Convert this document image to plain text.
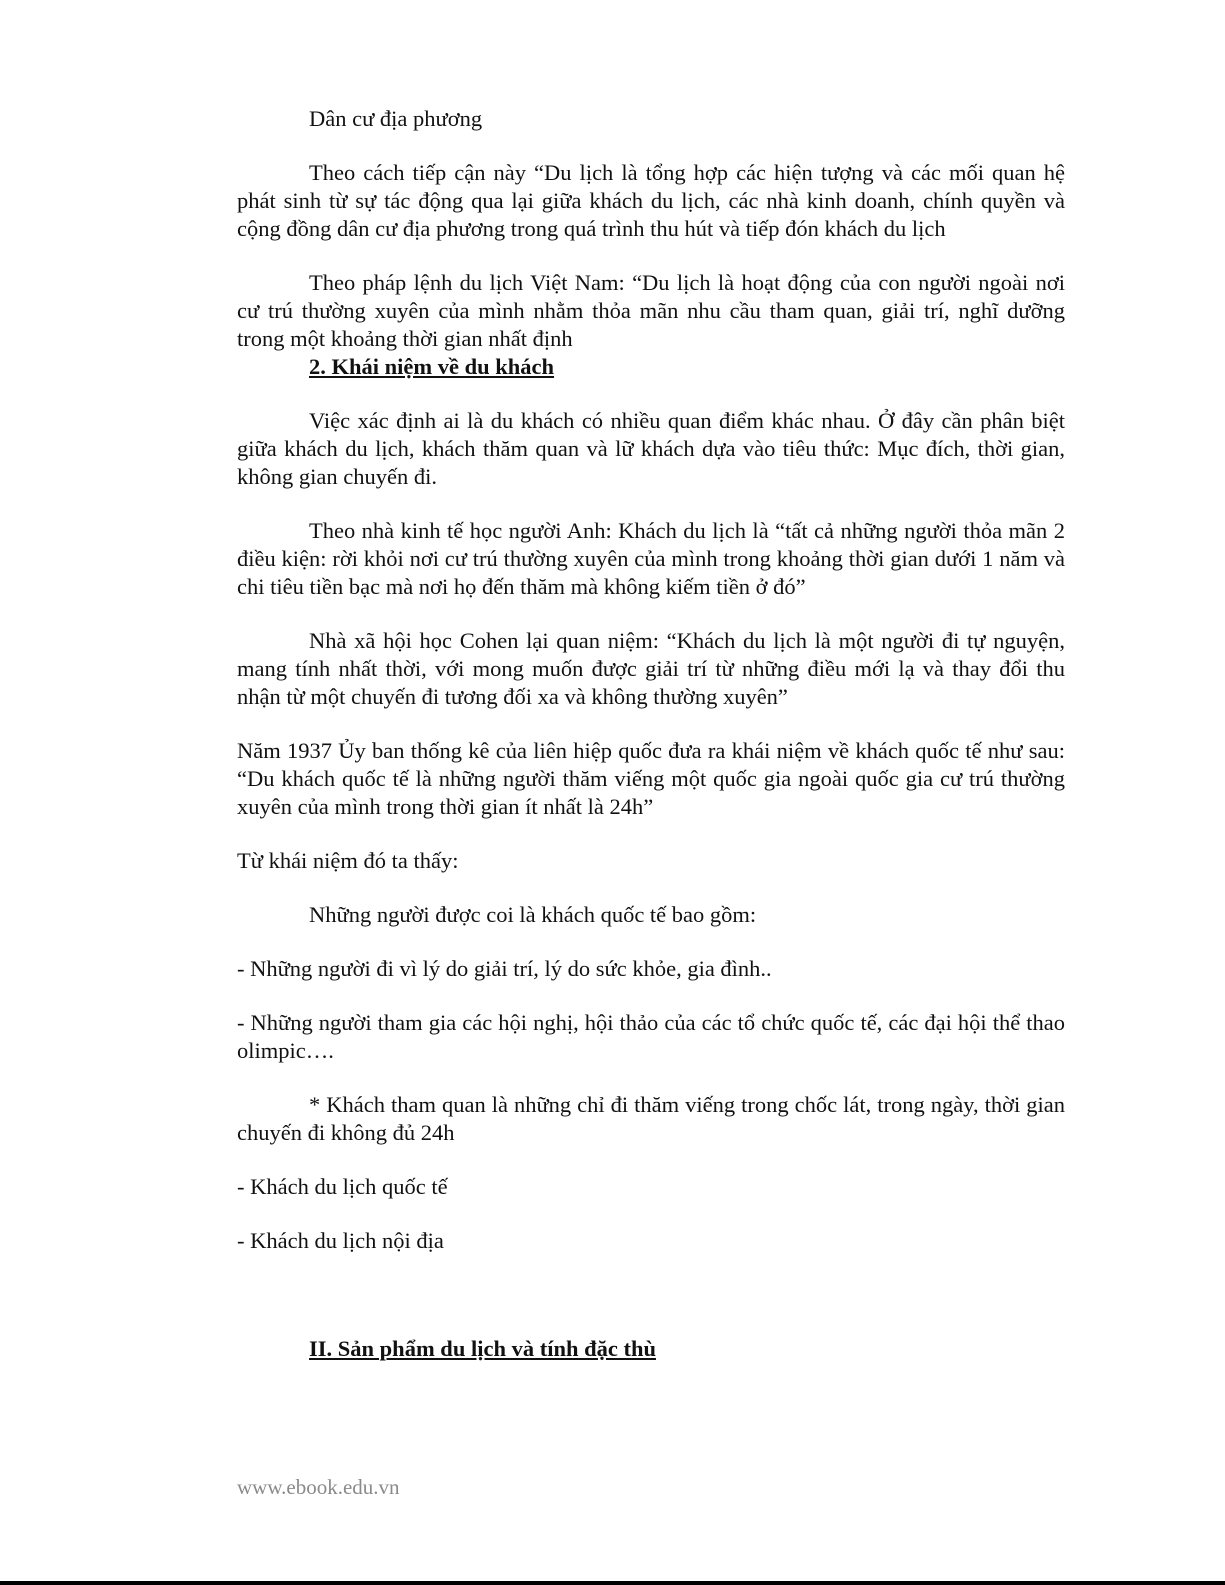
Dân cư địa phương

Theo cách tiếp cận này “Du lịch là tổng hợp các hiện tượng và các mối quan hệ phát sinh từ sự tác động qua lại giữa khách du lịch, các nhà kinh doanh, chính quyền và cộng đồng dân cư địa phương trong quá trình thu hút và tiếp đón khách du lịch

Theo pháp lệnh du lịch Việt Nam: “Du lịch là hoạt động của con người ngoài nơi cư trú thường xuyên của mình nhằm thỏa mãn nhu cầu tham quan, giải trí, nghĩ dưỡng trong một khoảng thời gian nhất định

2. Khái niệm về du khách

Việc xác định ai là du khách có nhiều quan điểm khác nhau. Ở đây cần phân biệt giữa khách du lịch, khách thăm quan và lữ khách dựa vào tiêu thức: Mục đích, thời gian, không gian chuyến đi.

Theo nhà kinh tế học người Anh: Khách du lịch là “tất cả những người thỏa mãn 2 điều kiện: rời khỏi nơi cư trú thường xuyên của mình trong khoảng thời gian dưới 1 năm và chi tiêu tiền bạc mà nơi họ đến thăm mà không kiếm tiền ở đó”

Nhà xã hội học Cohen lại quan niệm: “Khách du lịch là một người đi tự nguyện, mang tính nhất thời, với mong muốn được giải trí từ những điều mới lạ và thay đổi thu nhận từ một chuyến đi tương đối xa và không thường xuyên”

Năm 1937 Ủy ban thống kê của liên hiệp quốc đưa ra khái niệm về khách quốc tế như sau: “Du khách quốc tế là những người thăm viếng một quốc gia ngoài quốc gia cư trú thường xuyên của mình trong thời gian ít nhất là 24h”

Từ khái niệm đó ta thấy:

Những người được coi là khách quốc tế bao gồm:

- Những người đi vì lý do giải trí, lý do sức khỏe, gia đình..

- Những người tham gia các hội nghị, hội thảo của các tổ chức quốc tế, các đại hội thể thao olimpic….

* Khách tham quan là những chỉ đi thăm viếng trong chốc lát, trong ngày, thời gian chuyến đi không đủ 24h

- Khách du lịch quốc tế

- Khách du lịch nội địa

II. Sản phẩm du lịch và tính đặc thù

www.ebook.edu.vn
